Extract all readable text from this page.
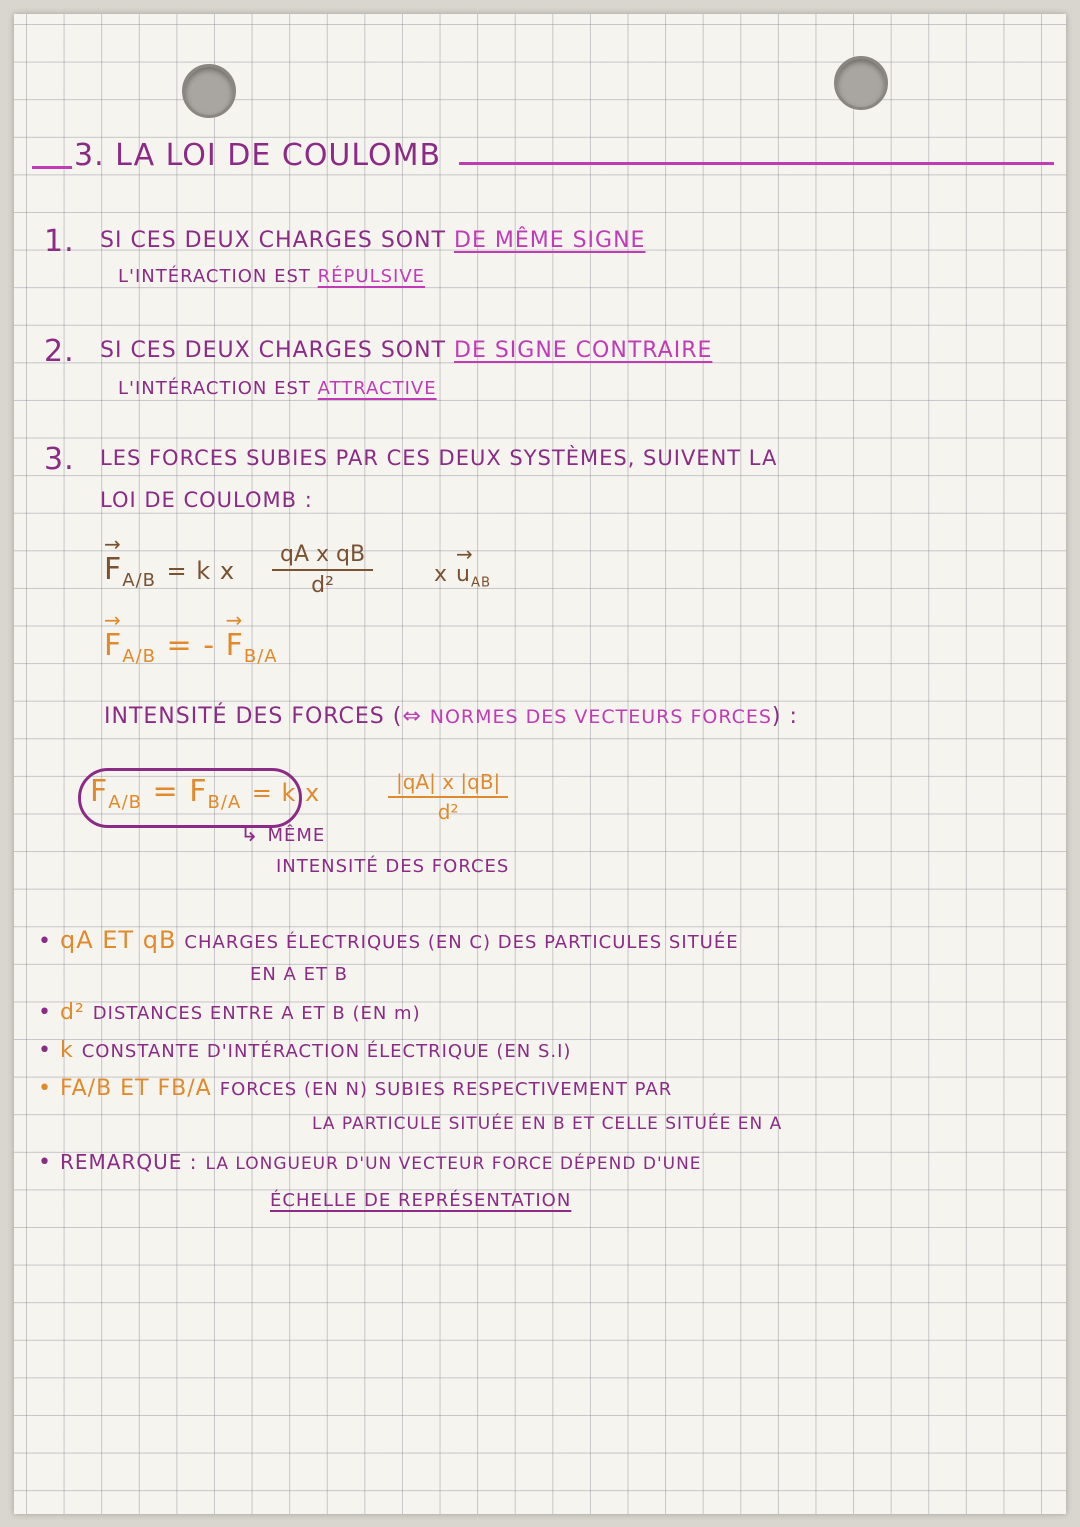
3. LA LOI DE COULOMB
1. SI CES DEUX CHARGES SONT DE MÊME SIGNE
L'INTÉRACTION EST RÉPULSIVE
2. SI CES DEUX CHARGES SONT DE SIGNE CONTRAIRE
L'INTÉRACTION EST ATTRACTIVE
3. LES FORCES SUBIES PAR CES DEUX SYSTÈMES, SUIVENT LA
LOI DE COULOMB :
→ $F_{A/B} = k$ x $\frac{\text{qA x qB}}{\text{d²}}$	$x \to u_{AB}$
→ $F_{A/B}$ = - → $F_{B/A}$
INTENSITÉ DES FORCES (⇔ NORMES DES VECTEURS FORCES) :
$F_{A/B} = F_{B/A} = k$ x	$\frac{|qA| x |qB|}{\text{d²}}$
↳ MÊME
INTENSITÉ DES FORCES
• qA ET qB CHARGES ÉLECTRIQUES (EN C) DES PARTICULES SITUÉE
EN A ET B
• d² DISTANCES ENTRE A ET B (EN m)
• k CONSTANTE D'INTÉRACTION ÉLECTRIQUE (EN S.I)
• FA/B ET FB/A FORCES (EN N) SUBIES RESPECTIVEMENT PAR
LA PARTICULE SITUÉE EN B ET CELLE SITUÉE EN A
• REMARQUE : LA LONGUEUR D'UN VECTEUR FORCE DÉPEND D'UNE
ÉCHELLE DE REPRÉSENTATION
